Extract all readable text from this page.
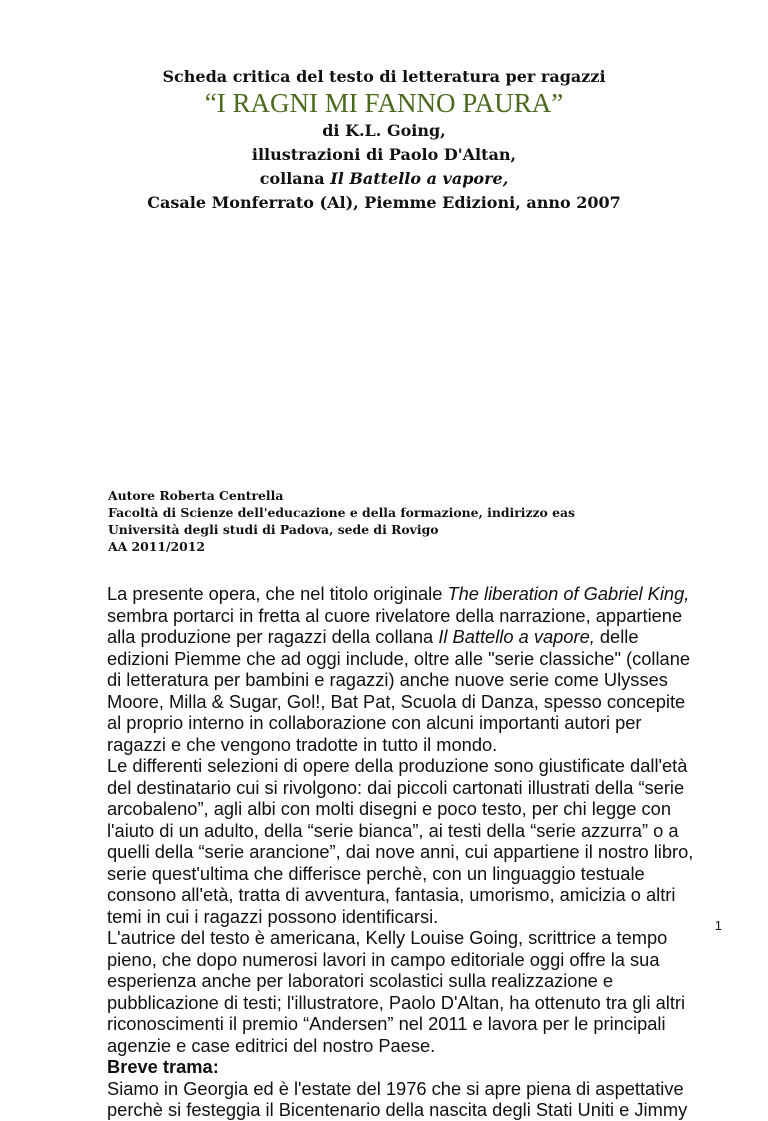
Scheda critica del testo di letteratura per ragazzi
“I RAGNI MI FANNO PAURA”
di K.L. Going,
illustrazioni di Paolo D'Altan,
collana Il Battello a vapore,
Casale Monferrato (Al), Piemme Edizioni, anno 2007
Autore Roberta Centrella
Facoltà di Scienze dell'educazione e della formazione, indirizzo eas
Università degli studi di Padova, sede di Rovigo
AA 2011/2012
La presente opera, che nel titolo originale The liberation of Gabriel King,
sembra portarci in fretta al cuore rivelatore della narrazione, appartiene
alla produzione per ragazzi della collana Il Battello a vapore, delle
edizioni Piemme che ad oggi include, oltre alle "serie classiche" (collane
di letteratura per bambini e ragazzi) anche nuove serie come Ulysses
Moore, Milla & Sugar, Gol!, Bat Pat, Scuola di Danza, spesso concepite
al proprio interno in collaborazione con alcuni importanti autori per
ragazzi e che vengono tradotte in tutto il mondo.
Le differenti selezioni di opere della produzione sono giustificate dall'età
del destinatario cui si rivolgono: dai piccoli cartonati illustrati della “serie
arcobaleno”, agli albi con molti disegni e poco testo, per chi legge con
l'aiuto di un adulto, della “serie bianca”, ai testi della “serie azzurra” o a
quelli della “serie arancione”, dai nove anni, cui appartiene il nostro libro,
serie quest'ultima che differisce perchè, con un linguaggio testuale
consono all'età, tratta di avventura, fantasia, umorismo, amicizia o altri
temi in cui i ragazzi possono identificarsi.
L'autrice del testo è americana, Kelly Louise Going, scrittrice a tempo
pieno, che dopo numerosi lavori in campo editoriale oggi offre la sua
esperienza anche per laboratori scolastici sulla realizzazione e
pubblicazione di testi; l'illustratore, Paolo D'Altan, ha ottenuto tra gli altri
riconoscimenti il premio “Andersen” nel 2011 e lavora per le principali
agenzie e case editrici del nostro Paese.
Breve trama:
Siamo in Georgia ed è l'estate del 1976 che si apre piena di aspettative
perchè si festeggia il Bicentenario della nascita degli Stati Uniti e Jimmy
1
